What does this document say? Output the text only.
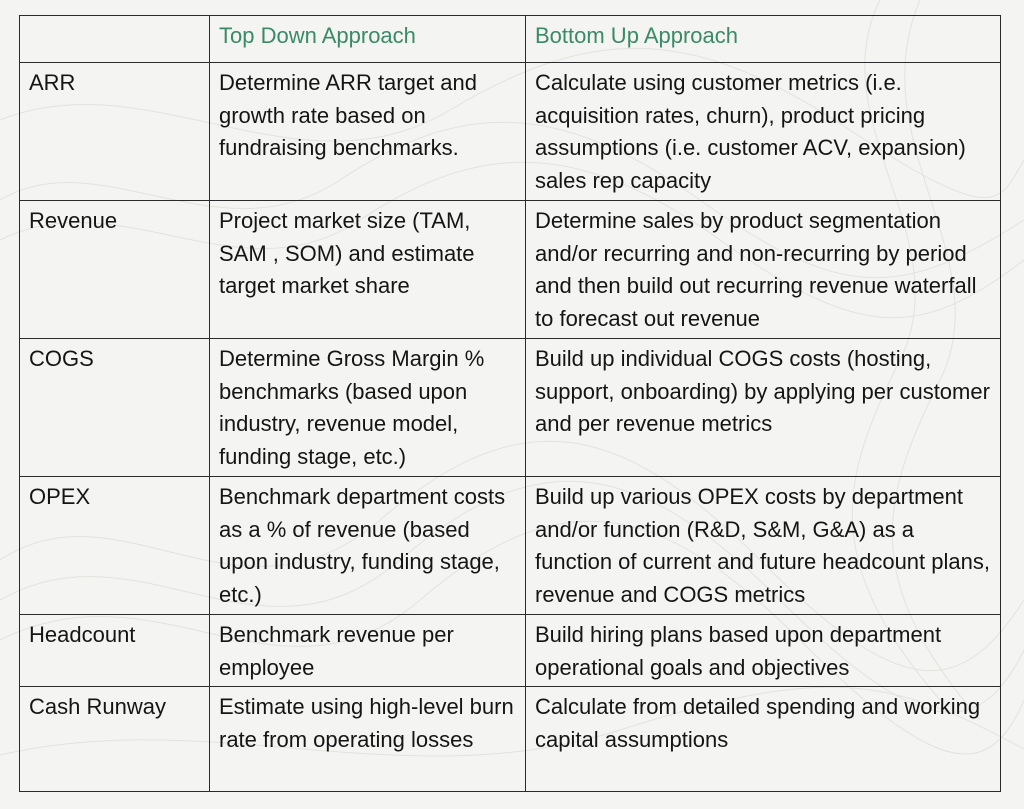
	Top Down Approach	Bottom Up Approach
ARR	Determine ARR target and growth rate based on fundraising benchmarks.	Calculate using customer metrics (i.e. acquisition rates, churn), product pricing assumptions (i.e. customer ACV, expansion) sales rep capacity
Revenue	Project market size (TAM, SAM , SOM) and estimate target market share	Determine sales by product segmentation and/or recurring and non-recurring by period and then build out recurring revenue waterfall to forecast out revenue
COGS	Determine Gross Margin % benchmarks (based upon industry, revenue model, funding stage, etc.)	Build up individual COGS costs (hosting, support, onboarding) by applying per customer and per revenue metrics
OPEX	Benchmark department costs as a % of revenue (based upon industry, funding stage, etc.)	Build up various OPEX costs by department and/or function (R&D, S&M, G&A) as a function of current and future headcount plans, revenue and COGS metrics
Headcount	Benchmark revenue per employee	Build hiring plans based upon department operational goals and objectives
Cash Runway	Estimate using high-level burn rate from operating losses	Calculate from detailed spending and working capital assumptions
